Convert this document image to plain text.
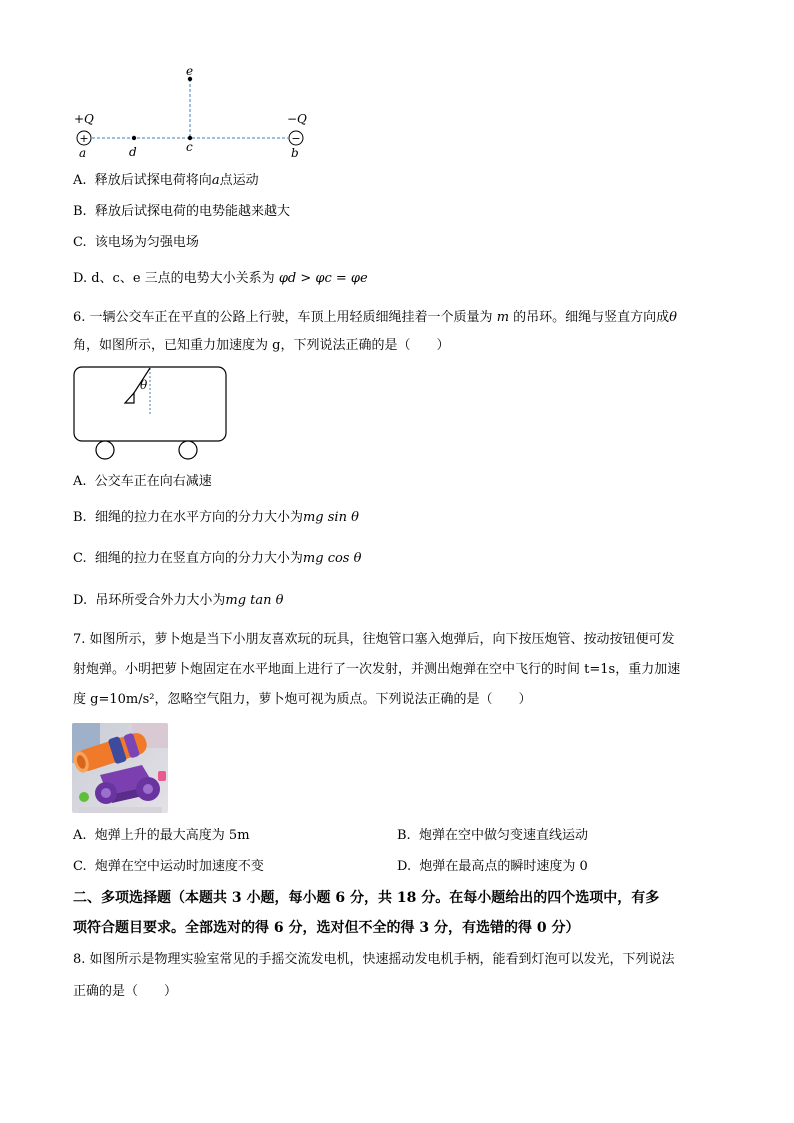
+	−
+Q	−Q
e
c
d
a	b
A. 释放后试探电荷将向a点运动
B. 释放后试探电荷的电势能越来越大
C. 该电场为匀强电场
D. d、c、e 三点的电势大小关系为 φd > φc = φe
6. 一辆公交车正在平直的公路上行驶，车顶上用轻质细绳挂着一个质量为 m 的吊环。细绳与竖直方向成θ
角，如图所示，已知重力加速度为 g，下列说法正确的是（　　）
θ
A. 公交车正在向右减速
B. 细绳的拉力在水平方向的分力大小为mg sin θ
C. 细绳的拉力在竖直方向的分力大小为mg cos θ
D. 吊环所受合外力大小为mg tan θ
7. 如图所示，萝卜炮是当下小朋友喜欢玩的玩具，往炮管口塞入炮弹后，向下按压炮管、按动按钮便可发
射炮弹。小明把萝卜炮固定在水平地面上进行了一次发射，并测出炮弹在空中飞行的时间 t=1s，重力加速
度 g=10m/s²，忽略空气阻力，萝卜炮可视为质点。下列说法正确的是（　　）
A. 炮弹上升的最大高度为 5m	B. 炮弹在空中做匀变速直线运动
C. 炮弹在空中运动时加速度不变	D. 炮弹在最高点的瞬时速度为 0
二、多项选择题（本题共 3 小题，每小题 6 分，共 18 分。在每小题给出的四个选项中，有多
项符合题目要求。全部选对的得 6 分，选对但不全的得 3 分，有选错的得 0 分）
8. 如图所示是物理实验室常见的手摇交流发电机，快速摇动发电机手柄，能看到灯泡可以发光，下列说法
正确的是（　　）
